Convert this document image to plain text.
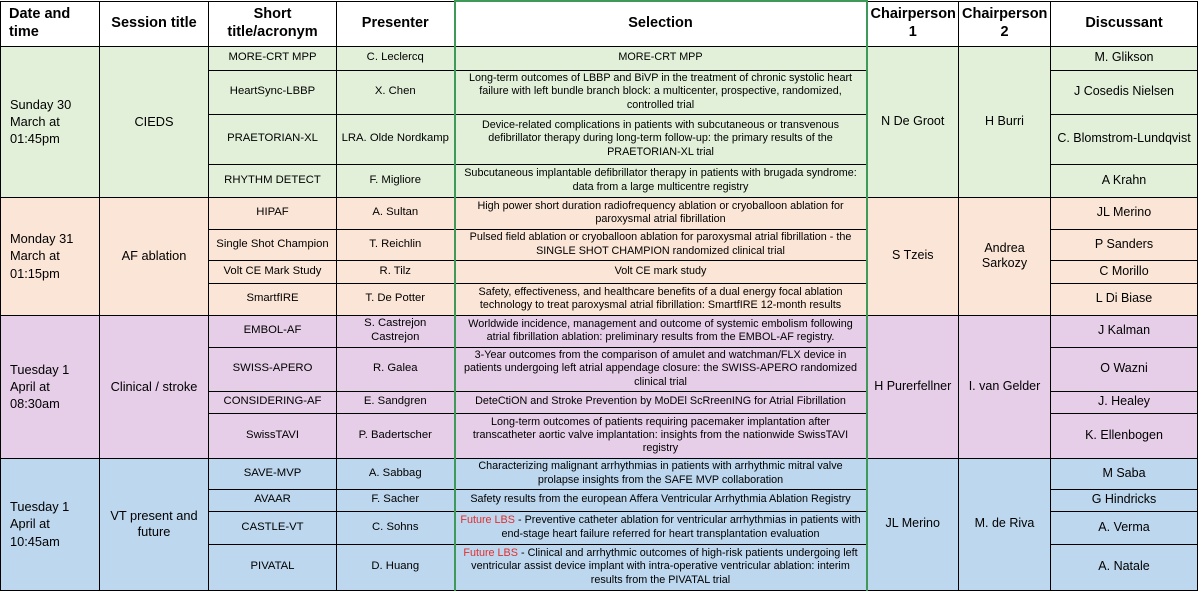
Date and time	Session title	Short title/acronym	Presenter	Selection	Chairperson 1	Chairperson 2	Discussant
Sunday 30 March at 01:45pm	CIEDS	MORE-CRT MPP	C. Leclercq	MORE-CRT MPP	N De Groot	H Burri	M. Glikson
		HeartSync-LBBP	X. Chen	Long-term outcomes of LBBP and BiVP in the treatment of chronic systolic heart failure with left bundle branch block: a multicenter, prospective, randomized, controlled trial			J Cosedis Nielsen
		PRAETORIAN-XL	LRA. Olde Nordkamp	Device-related complications in patients with subcutaneous or transvenous defibrillator therapy during long-term follow-up: the primary results of the PRAETORIAN-XL trial			C. Blomstrom-Lundqvist
		RHYTHM DETECT	F. Migliore	Subcutaneous implantable defibrillator therapy in patients with brugada syndrome: data from a large multicentre registry			A Krahn
Monday 31 March at 01:15pm	AF ablation	HIPAF	A. Sultan	High power short duration radiofrequency ablation or cryoballoon ablation for paroxysmal atrial fibrillation	S Tzeis	Andrea Sarkozy	JL Merino
		Single Shot Champion	T. Reichlin	Pulsed field ablation or cryoballoon ablation for paroxysmal atrial fibrillation - the SINGLE SHOT CHAMPION randomized clinical trial			P Sanders
		Volt CE Mark Study	R. Tilz	Volt CE mark study			C Morillo
		SmartfIRE	T. De Potter	Safety, effectiveness, and healthcare benefits of a dual energy focal ablation technology to treat paroxysmal atrial fibrillation: SmartfIRE 12-month results			L Di Biase
Tuesday 1 April at 08:30am	Clinical / stroke	EMBOL-AF	S. Castrejon Castrejon	Worldwide incidence, management and outcome of systemic embolism following atrial fibrillation ablation: preliminary results from the EMBOL-AF registry.	H Purerfellner	I. van Gelder	J Kalman
		SWISS-APERO	R. Galea	3-Year outcomes from the comparison of amulet and watchman/FLX device in patients undergoing left atrial appendage closure: the SWISS-APERO randomized clinical trial			O Wazni
		CONSIDERING-AF	E. Sandgren	DeteCtiON and Stroke Prevention by MoDEl ScRreenING for Atrial Fibrillation			J. Healey
		SwissTAVI	P. Badertscher	Long-term outcomes of patients requiring pacemaker implantation after transcatheter aortic valve implantation: insights from the nationwide SwissTAVI registry			K. Ellenbogen
Tuesday 1 April at 10:45am	VT present and future	SAVE-MVP	A. Sabbag	Characterizing malignant arrhythmias in patients with arrhythmic mitral valve prolapse insights from the SAFE MVP collaboration	JL Merino	M. de Riva	M Saba
		AVAAR	F. Sacher	Safety results from the european Affera Ventricular Arrhythmia Ablation Registry			G Hindricks
		CASTLE-VT	C. Sohns	Future LBS - Preventive catheter ablation for ventricular arrhythmias in patients with end-stage heart failure referred for heart transplantation evaluation			A. Verma
		PIVATAL	D. Huang	Future LBS - Clinical and arrhythmic outcomes of high-risk patients undergoing left ventricular assist device implant with intra-operative ventricular ablation: interim results from the PIVATAL trial			A. Natale
